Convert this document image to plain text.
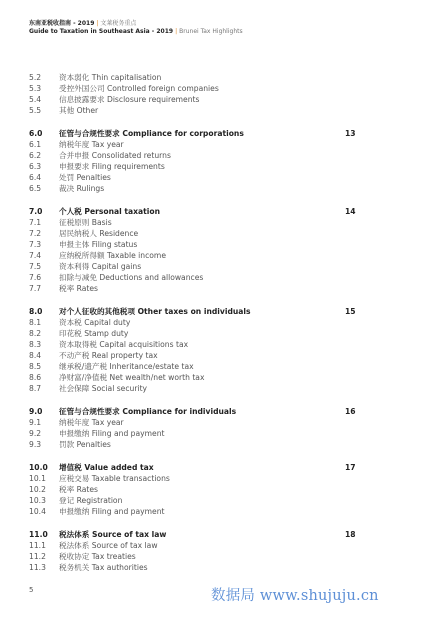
东南亚税收指南 - 2019 | 文莱税务重点
Guide to Taxation in Southeast Asia - 2019 | Brunei Tax Highlights
5.2	资本弱化 Thin capitalisation
5.3	受控外国公司 Controlled foreign companies
5.4	信息披露要求 Disclosure requirements
5.5	其他 Other
6.0	征管与合规性要求 Compliance for corporations	13
6.1	纳税年度 Tax year
6.2	合并申报 Consolidated returns
6.3	申报要求 Filing requirements
6.4	处罚 Penalties
6.5	裁决 Rulings
7.0	个人税 Personal taxation	14
7.1	征税原则 Basis
7.2	居民纳税人 Residence
7.3	申报主体 Filing status
7.4	应纳税所得额 Taxable income
7.5	资本利得 Capital gains
7.6	扣除与减免 Deductions and allowances
7.7	税率 Rates
8.0	对个人征收的其他税项 Other taxes on individuals	15
8.1	资本税 Capital duty
8.2	印花税 Stamp duty
8.3	资本取得税 Capital acquisitions tax
8.4	不动产税 Real property tax
8.5	继承税/遗产税 Inheritance/estate tax
8.6	净财富/净值税 Net wealth/net worth tax
8.7	社会保障 Social security
9.0	征管与合规性要求 Compliance for individuals	16
9.1	纳税年度 Tax year
9.2	申报缴纳 Filing and payment
9.3	罚款 Penalties
10.0	增值税 Value added tax	17
10.1	应税交易 Taxable transactions
10.2	税率 Rates
10.3	登记 Registration
10.4	申报缴纳 Filing and payment
11.0	税法体系 Source of tax law	18
11.1	税法体系 Source of tax law
11.2	税收协定 Tax treaties
11.3	税务机关 Tax authorities
5	数据局 www.shujuju.cn
